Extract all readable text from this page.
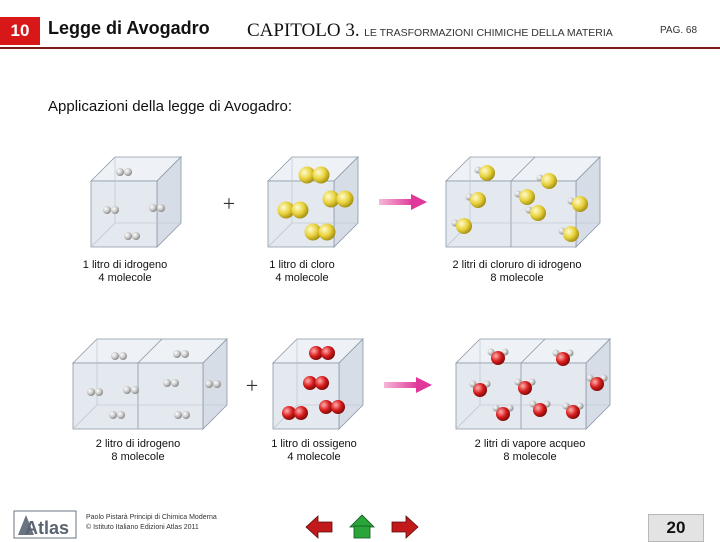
10	Legge di Avogadro CAPITOLO 3. LE TRASFORMAZIONI CHIMICHE DELLA MATERIA	PAG. 68
Applicazioni della legge di Avogadro:
+
+
Atlas
1 litro di idrogeno
4 molecole
1 litro di cloro
4 molecole
2 litri di cloruro di idrogeno
8 molecole
2 litro di idrogeno
8 molecole
1 litro di ossigeno
4 molecole
2 litri di vapore acqueo
8 molecole
Paolo Pistarà Principi di Chimica Moderna
© Istituto Italiano Edizioni Atlas 2011	20
